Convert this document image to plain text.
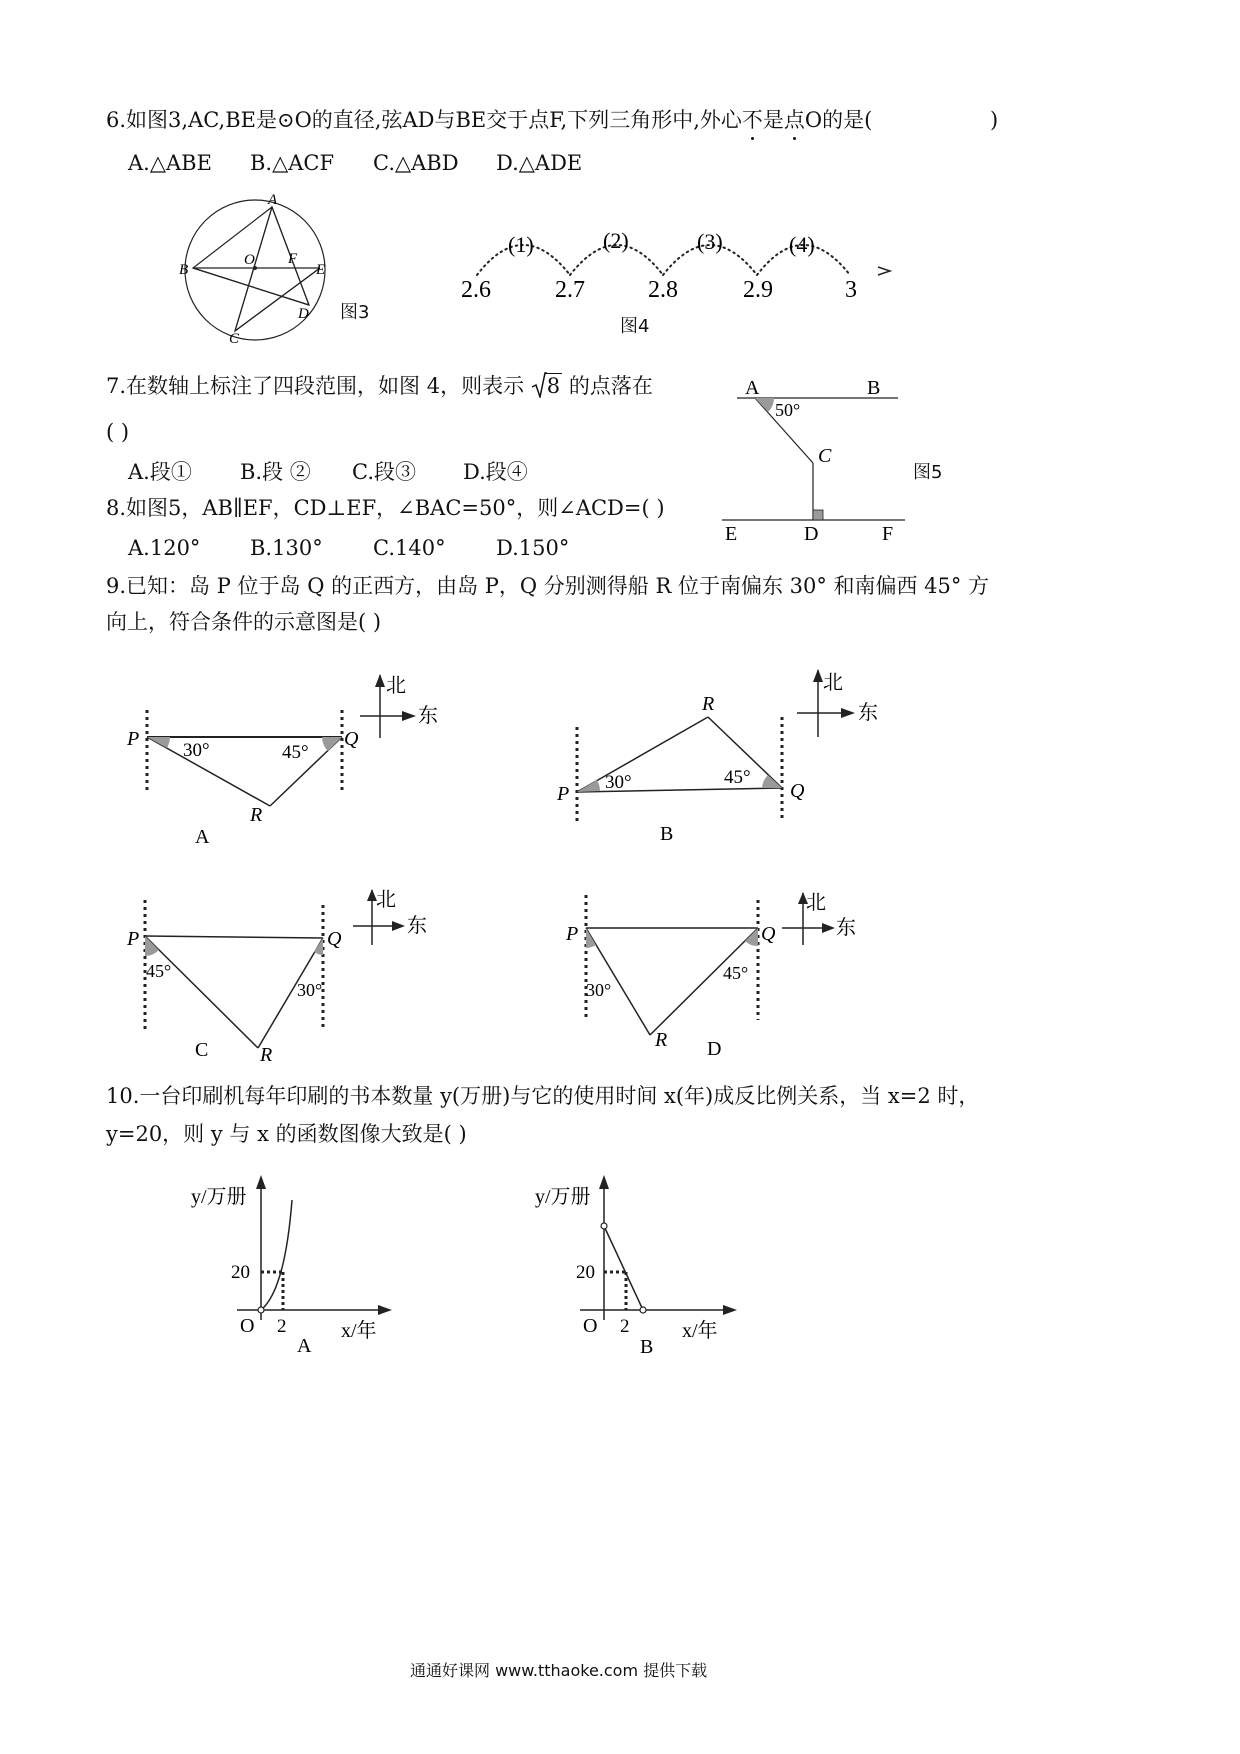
6.如图3,AC,BE是⊙O的直径,弦AD与BE交于点F,下列三角形中,外心不是点O的是(	)
A.△ABE B.△ACF C.△ABD D.△ADE
A
B
C
D
E
F
O
图3
(1)	(2)	(3)	(4)
2.6	2.7	2.8	2.9	3
图4
7.在数轴上标注了四段范围，如图 4，则表示 8 的点落在
( )
A.段① B.段 ② C.段③ D.段④
A	B
C
D
E	F
50°
图5
8.如图5，AB∥EF，CD⊥EF，∠BAC=50°，则∠ACD=( )
A.120° B.130° C.140° D.150°
9.已知：岛 P 位于岛 Q 的正西方，由岛 P，Q 分别测得船 R 位于南偏东 30° 和南偏西 45° 方
向上，符合条件的示意图是( )
北
东
P	Q
R
30°	45°
A
北
东
P	Q
R
30°	45°
B
北
东
P	Q
R
45°
30°
C
北
东
P	Q
R
30°
45°
D
10.一台印刷机每年印刷的书本数量 y(万册)与它的使用时间 x(年)成反比例关系，当 x=2 时，
y=20，则 y 与 x 的函数图像大致是( )
y/万册
x/年
O 2
20
A
y/万册
x/年
O 2
20
B
通通好课网 www.tthaoke.com 提供下载
